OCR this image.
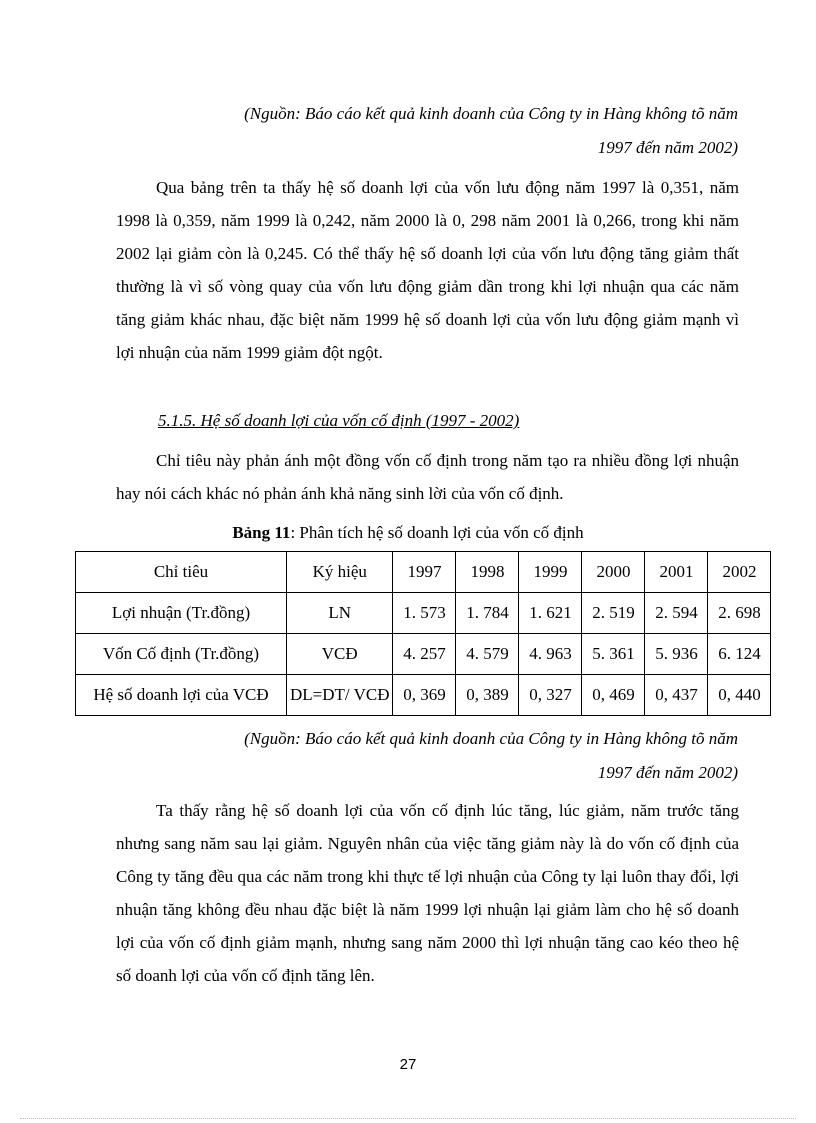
(Nguồn: Báo cáo kết quả kinh doanh của Công ty in Hàng không tõ năm
1997 đến năm 2002)

Qua bảng trên ta thấy hệ số doanh lợi của vốn lưu động năm 1997 là 0,351, năm 1998 là 0,359, năm 1999 là 0,242, năm 2000 là 0, 298 năm 2001 là 0,266, trong khi năm 2002 lại giảm còn là 0,245. Có thể thấy hệ số doanh lợi của vốn lưu động tăng giảm thất thường là vì số vòng quay của vốn lưu động giảm dần trong khi lợi nhuận qua các năm tăng giảm khác nhau, đặc biệt năm 1999 hệ số doanh lợi của vốn lưu động giảm mạnh vì lợi nhuận của năm 1999 giảm đột ngột.

5.1.5. Hệ số doanh lợi của vốn cố định (1997 - 2002)

Chỉ tiêu này phản ánh một đồng vốn cố định trong năm tạo ra nhiều đồng lợi nhuận hay nói cách khác nó phản ánh khả năng sinh lời của vốn cố định.

Bảng 11: Phân tích hệ số doanh lợi của vốn cố định
Chỉ tiêu	Ký hiệu	1997	1998	1999	2000	2001	2002
Lợi nhuận (Tr.đồng)	LN	1. 573	1. 784	1. 621	2. 519	2. 594	2. 698
Vốn Cố định (Tr.đồng)	VCĐ	4. 257	4. 579	4. 963	5. 361	5. 936	6. 124
Hệ số doanh lợi của VCĐ	DL=DT/ VCĐ	0, 369	0, 389	0, 327	0, 469	0, 437	0, 440
(Nguồn: Báo cáo kết quả kinh doanh của Công ty in Hàng không tõ năm
1997 đến năm 2002)

Ta thấy rằng hệ số doanh lợi của vốn cố định lúc tăng, lúc giảm, năm trước tăng nhưng sang năm sau lại giảm. Nguyên nhân của việc tăng giảm này là do vốn cố định của Công ty tăng đều qua các năm trong khi thực tế lợi nhuận của Công ty lại luôn thay đổi, lợi nhuận tăng không đều nhau đặc biệt là năm 1999 lợi nhuận lại giảm làm cho hệ số doanh lợi của vốn cố định giảm mạnh, nhưng sang năm 2000 thì lợi nhuận tăng cao kéo theo hệ số doanh lợi của vốn cố định tăng lên.

27
